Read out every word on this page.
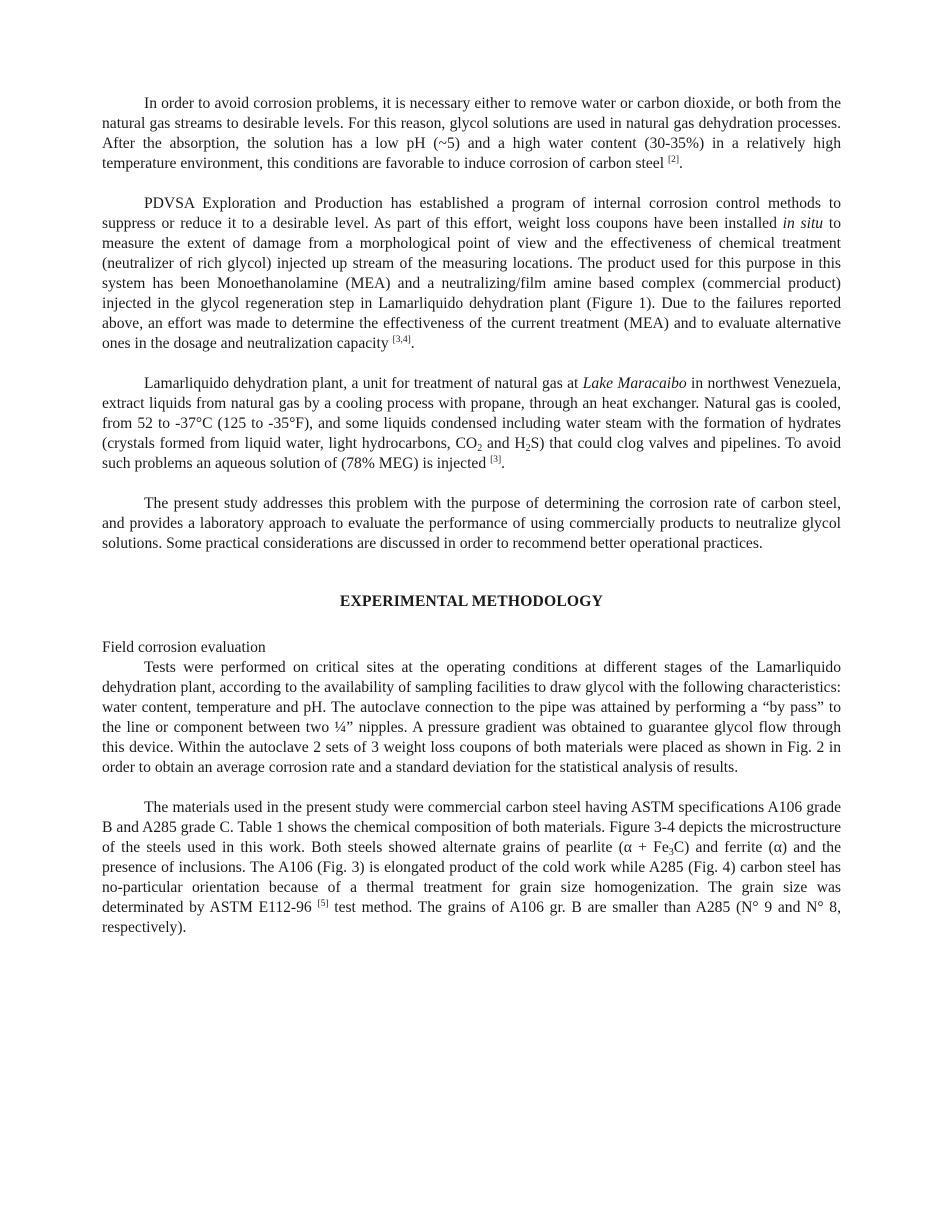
In order to avoid corrosion problems, it is necessary either to remove water or carbon dioxide, or both from the natural gas streams to desirable levels. For this reason, glycol solutions are used in natural gas dehydration processes. After the absorption, the solution has a low pH (~5) and a high water content (30-35%) in a relatively high temperature environment, this conditions are favorable to induce corrosion of carbon steel [2].

PDVSA Exploration and Production has established a program of internal corrosion control methods to suppress or reduce it to a desirable level. As part of this effort, weight loss coupons have been installed in situ to measure the extent of damage from a morphological point of view and the effectiveness of chemical treatment (neutralizer of rich glycol) injected up stream of the measuring locations. The product used for this purpose in this system has been Monoethanolamine (MEA) and a neutralizing/film amine based complex (commercial product) injected in the glycol regeneration step in Lamarliquido dehydration plant (Figure 1). Due to the failures reported above, an effort was made to determine the effectiveness of the current treatment (MEA) and to evaluate alternative ones in the dosage and neutralization capacity [3,4].

Lamarliquido dehydration plant, a unit for treatment of natural gas at Lake Maracaibo in northwest Venezuela, extract liquids from natural gas by a cooling process with propane, through an heat exchanger. Natural gas is cooled, from 52 to -37°C (125 to -35°F), and some liquids condensed including water steam with the formation of hydrates (crystals formed from liquid water, light hydrocarbons, $CO_2$ and $H_2S$) that could clog valves and pipelines. To avoid such problems an aqueous solution of (78% MEG) is injected [3].

The present study addresses this problem with the purpose of determining the corrosion rate of carbon steel, and provides a laboratory approach to evaluate the performance of using commercially products to neutralize glycol solutions. Some practical considerations are discussed in order to recommend better operational practices.

EXPERIMENTAL METHODOLOGY
Field corrosion evaluation

Tests were performed on critical sites at the operating conditions at different stages of the Lamarliquido dehydration plant, according to the availability of sampling facilities to draw glycol with the following characteristics: water content, temperature and pH. The autoclave connection to the pipe was attained by performing a “by pass” to the line or component between two ¼” nipples. A pressure gradient was obtained to guarantee glycol flow through this device. Within the autoclave 2 sets of 3 weight loss coupons of both materials were placed as shown in Fig. 2 in order to obtain an average corrosion rate and a standard deviation for the statistical analysis of results.

The materials used in the present study were commercial carbon steel having ASTM specifications A106 grade B and A285 grade C. Table 1 shows the chemical composition of both materials. Figure 3-4 depicts the microstructure of the steels used in this work. Both steels showed alternate grains of pearlite $(\alpha + Fe_3C)$ and ferrite (α) and the presence of inclusions. The A106 (Fig. 3) is elongated product of the cold work while A285 (Fig. 4) carbon steel has no-particular orientation because of a thermal treatment for grain size homogenization. The grain size was determinated by ASTM E112-96 [5] test method. The grains of A106 gr. B are smaller than A285 (N° 9 and N° 8, respectively).
